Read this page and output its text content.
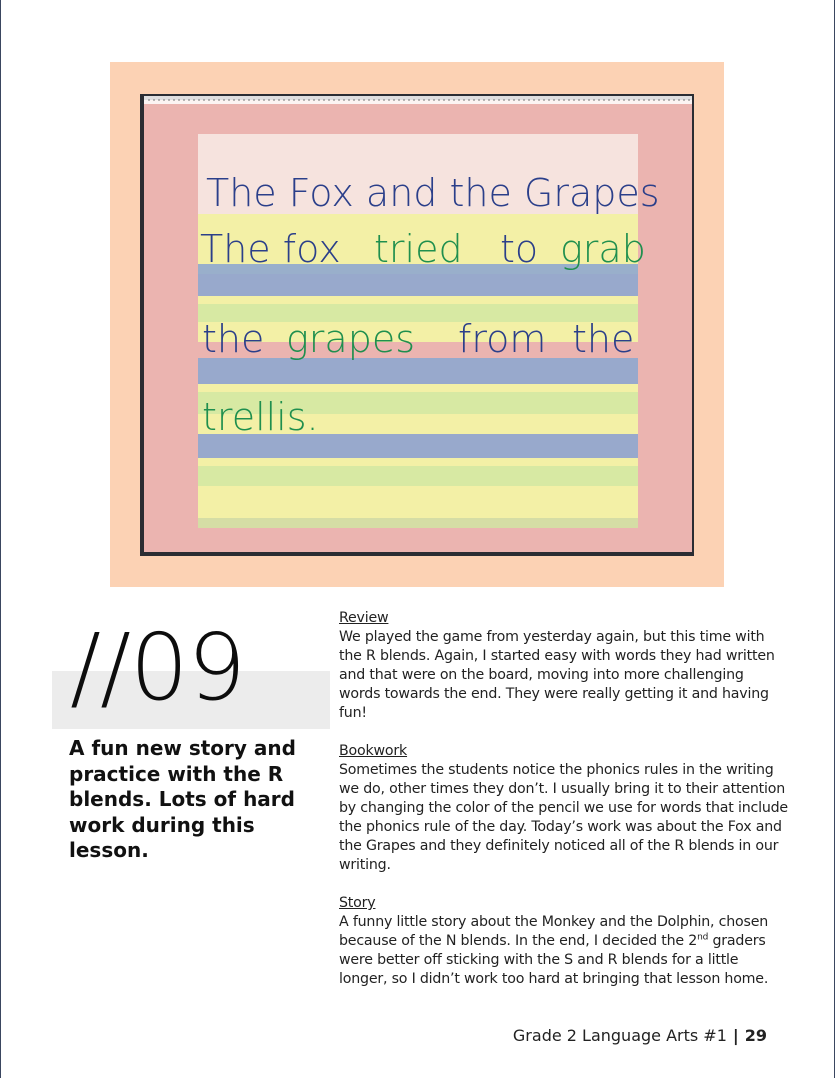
The Fox and the Grapes
The fox tried to grab
the grapes from the
trellis.
//09
A fun new story and practice with the R blends. Lots of hard work during this lesson.

Review
We played the game from yesterday again, but this time with the R blends. Again, I started easy with words they had written and that were on the board, moving into more challenging words towards the end. They were really getting it and having fun!

Bookwork
Sometimes the students notice the phonics rules in the writing we do, other times they don’t. I usually bring it to their attention by changing the color of the pencil we use for words that include the phonics rule of the day. Today’s work was about the Fox and the Grapes and they definitely noticed all of the R blends in our writing.

Story
A funny little story about the Monkey and the Dolphin, chosen because of the N blends. In the end, I decided the 2nd graders were better off sticking with the S and R blends for a little longer, so I didn’t work too hard at bringing that lesson home.

Grade 2 Language Arts #1 | 29
